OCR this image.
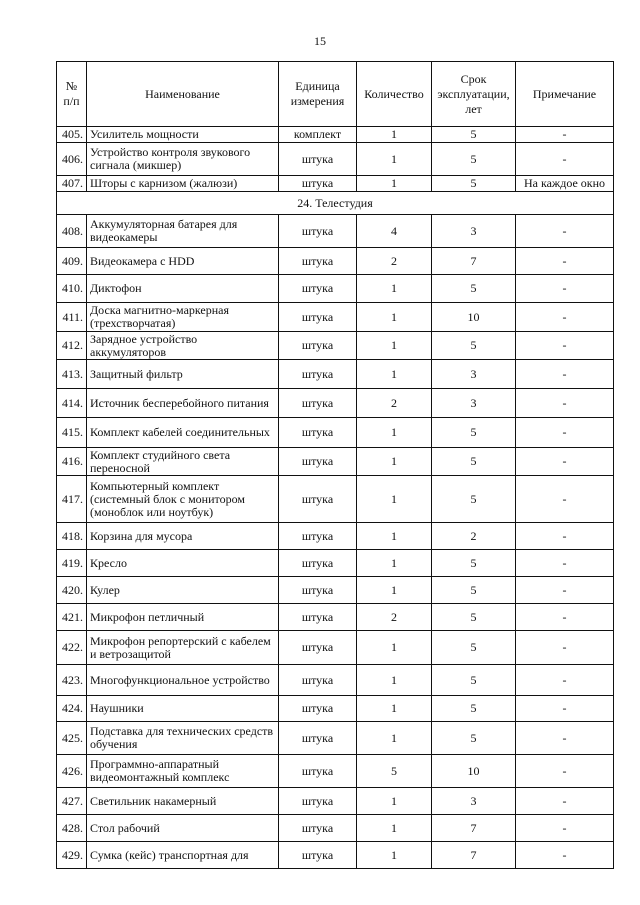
15
№ п/п	Наименование	Единица измерения	Количество	Срок эксплуатации, лет	Примечание
405.	Усилитель мощности	комплект	1	5	-
406.	Устройство контроля звукового сигнала (микшер)	штука	1	5	-
407.	Шторы с карнизом (жалюзи)	штука	1	5	На каждое окно
24. Телестудия					
408.	Аккумуляторная батарея для видеокамеры	штука	4	3	-
409.	Видеокамера с HDD	штука	2	7	-
410.	Диктофон	штука	1	5	-
411.	Доска магнитно-маркерная (трехстворчатая)	штука	1	10	-
412.	Зарядное устройство аккумуляторов	штука	1	5	-
413.	Защитный фильтр	штука	1	3	-
414.	Источник бесперебойного питания	штука	2	3	-
415.	Комплект кабелей соединительных	штука	1	5	-
416.	Комплект студийного света переносной	штука	1	5	-
417.	Компьютерный комплект (системный блок с монитором (моноблок или ноутбук)	штука	1	5	-
418.	Корзина для мусора	штука	1	2	-
419.	Кресло	штука	1	5	-
420.	Кулер	штука	1	5	-
421.	Микрофон петличный	штука	2	5	-
422.	Микрофон репортерский с кабелем и ветрозащитой	штука	1	5	-
423.	Многофункциональное устройство	штука	1	5	-
424.	Наушники	штука	1	5	-
425.	Подставка для технических средств обучения	штука	1	5	-
426.	Программно-аппаратный видеомонтажный комплекс	штука	5	10	-
427.	Светильник накамерный	штука	1	3	-
428.	Стол рабочий	штука	1	7	-
429.	Сумка (кейс) транспортная для	штука	1	7	-
